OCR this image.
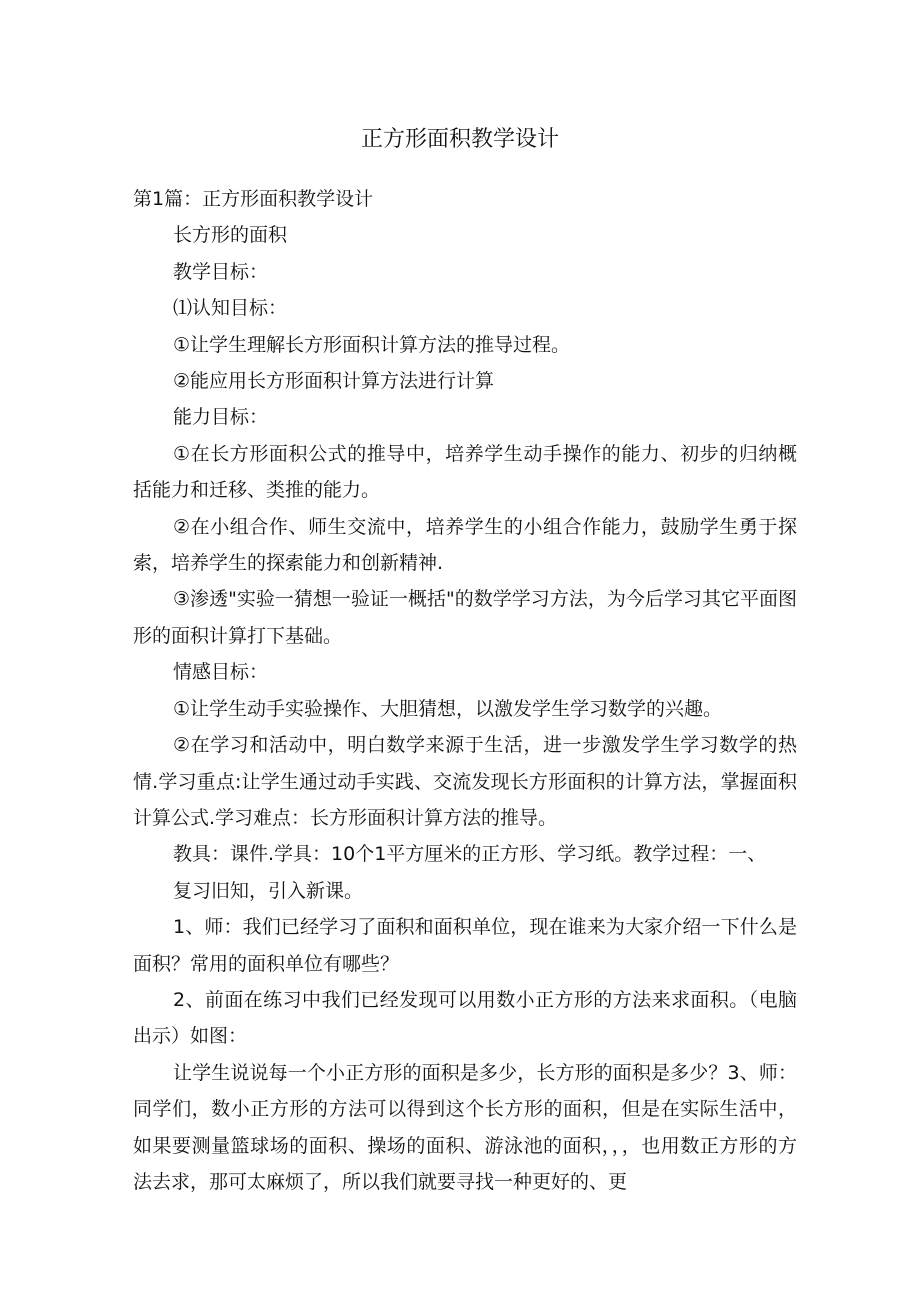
正方形面积教学设计

第1篇：正方形面积教学设计

长方形的面积

教学目标：

⑴认知目标：

①让学生理解长方形面积计算方法的推导过程。

②能应用长方形面积计算方法进行计算

能力目标：

①在长方形面积公式的推导中，培养学生动手操作的能力、初步的归纳概括能力和迁移、类推的能力。

②在小组合作、师生交流中，培养学生的小组合作能力，鼓励学生勇于探索，培养学生的探索能力和创新精神.

③渗透"实验一猜想一验证一概括"的数学学习方法，为今后学习其它平面图形的面积计算打下基础。

情感目标：

①让学生动手实验操作、大胆猜想，以激发学生学习数学的兴趣。

②在学习和活动中，明白数学来源于生活，进一步激发学生学习数学的热情.学习重点:让学生通过动手实践、交流发现长方形面积的计算方法，掌握面积计算公式.学习难点：长方形面积计算方法的推导。

教具：课件.学具：10个1平方厘米的正方形、学习纸。教学过程：一、

复习旧知，引入新课。

1、师：我们已经学习了面积和面积单位，现在谁来为大家介绍一下什么是面积？常用的面积单位有哪些？

2、前面在练习中我们已经发现可以用数小正方形的方法来求面积。（电脑出示）如图：

让学生说说每一个小正方形的面积是多少，长方形的面积是多少？3、师：同学们，数小正方形的方法可以得到这个长方形的面积，但是在实际生活中，如果要测量篮球场的面积、操场的面积、游泳池的面积，，，也用数正方形的方法去求，那可太麻烦了，所以我们就要寻找一种更好的、更
